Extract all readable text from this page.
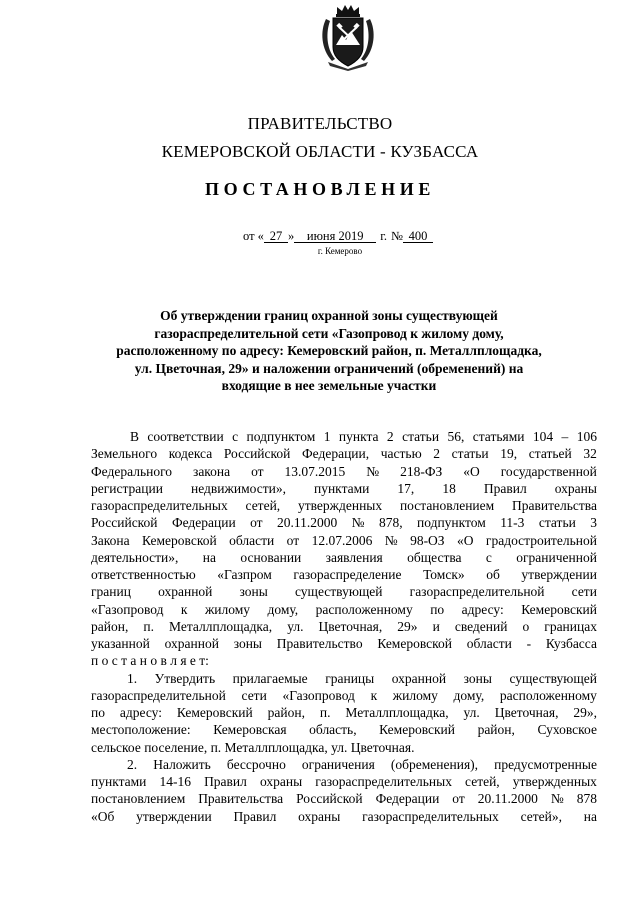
ПРАВИТЕЛЬСТВО
КЕМЕРОВСКОЙ ОБЛАСТИ - КУЗБАССА
ПОСТАНОВЛЕНИЕ
от « 27 » июня 2019 г. № 400
г. Кемерово
Об утверждении границ охранной зоны существующей
газораспределительной сети «Газопровод к жилому дому,
расположенному по адресу: Кемеровский район, п. Металлплощадка,
ул. Цветочная, 29» и наложении ограничений (обременений) на
входящие в нее земельные участки
В соответствии с подпунктом 1 пункта 2 статьи 56, статьями 104 – 106
Земельного кодекса Российской Федерации, частью 2 статьи 19, статьей 32
Федерального закона от 13.07.2015 № 218-ФЗ «О государственной
регистрации недвижимости», пунктами 17, 18 Правил охраны
газораспределительных сетей, утвержденных постановлением Правительства
Российской Федерации от 20.11.2000 № 878, подпунктом 11-3 статьи 3
Закона Кемеровской области от 12.07.2006 № 98-ОЗ «О градостроительной
деятельности», на основании заявления общества с ограниченной
ответственностью «Газпром газораспределение Томск» об утверждении
границ охранной зоны существующей газораспределительной сети
«Газопровод к жилому дому, расположенному по адресу: Кемеровский
район, п. Металлплощадка, ул. Цветочная, 29» и сведений о границах
указанной охранной зоны Правительство Кемеровской области - Кузбасса
п о с т а н о в л я е т:
1. Утвердить прилагаемые границы охранной зоны существующей
газораспределительной сети «Газопровод к жилому дому, расположенному
по адресу: Кемеровский район, п. Металлплощадка, ул. Цветочная, 29»,
местоположение: Кемеровская область, Кемеровский район, Суховское
сельское поселение, п. Металлплощадка, ул. Цветочная.
2. Наложить бессрочно ограничения (обременения), предусмотренные
пунктами 14-16 Правил охраны газораспределительных сетей, утвержденных
постановлением Правительства Российской Федерации от 20.11.2000 № 878
«Об утверждении Правил охраны газораспределительных сетей», на
